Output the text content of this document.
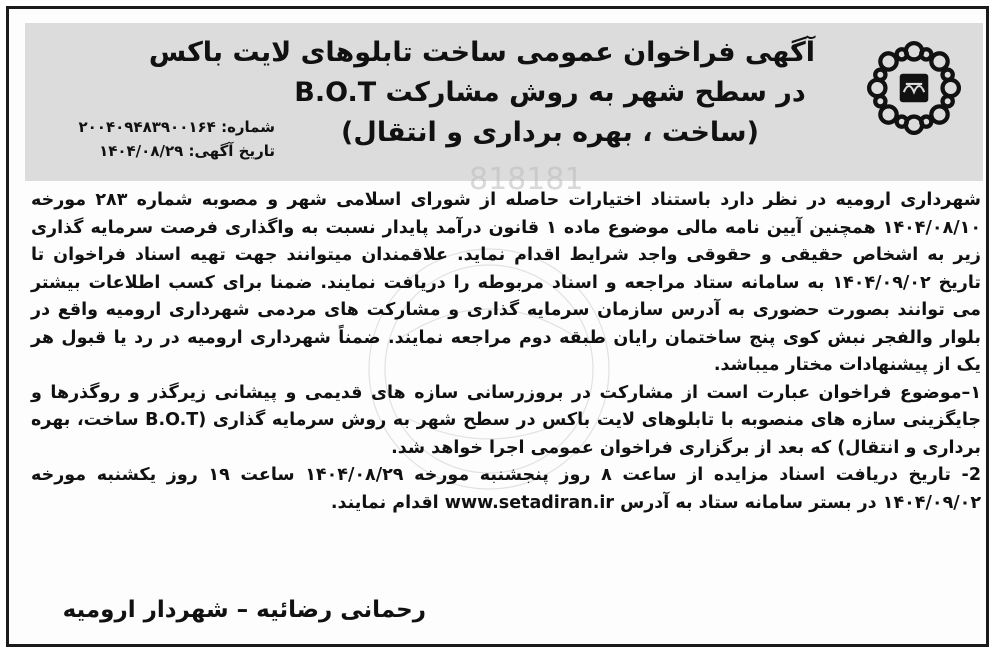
آگهی فراخوان عمومی ساخت تابلوهای لایت باکس
در سطح شهر به روش مشارکت B.O.T
(ساخت ، بهره برداری و انتقال)
شماره: ۲۰۰۴۰۹۴۸۳۹۰۰۱۶۴
تاریخ آگهی: ۱۴۰۴/۰۸/۲۹
818181

شهرداری ارومیه در نظر دارد باستناد اختیارات حاصله از شورای اسلامی شهر و مصوبه شماره ۲۸۳ مورخه ۱۴۰۴/۰۸/۱۰ همچنین آیین نامه مالی موضوع ماده ۱ قانون درآمد پایدار نسبت به واگذاری فرصت سرمایه گذاری زیر به اشخاص حقیقی و حقوقی واجد شرایط اقدام نماید. علاقمندان میتوانند جهت تهیه اسناد فراخوان تا تاریخ ۱۴۰۴/۰۹/۰۲ به سامانه ستاد مراجعه و اسناد مربوطه را دریافت نمایند. ضمنا برای کسب اطلاعات بیشتر می توانند بصورت حضوری به آدرس سازمان سرمایه گذاری و مشارکت های مردمی شهرداری ارومیه واقع در بلوار والفجر نبش کوی پنج ساختمان رایان طبقه دوم مراجعه نمایند. ضمناً شهرداری ارومیه در رد یا قبول هر یک از پیشنهادات مختار میباشد.

۱–موضوع فراخوان عبارت است از مشارکت در بروزرسانی سازه های قدیمی و پیشانی زیرگذر و روگذرها و جایگزینی سازه های منصوبه با تابلوهای لایت باکس در سطح شهر به روش سرمایه گذاری (B.O.T ساخت، بهره برداری و انتقال) که بعد از برگزاری فراخوان عمومی اجرا خواهد شد.

2- تاریخ دریافت اسناد مزایده از ساعت ۸ روز پنجشنبه مورخه ۱۴۰۴/۰۸/۲۹ ساعت ۱۹ روز یکشنبه مورخه ۱۴۰۴/۰۹/۰۲ در بستر سامانه ستاد به آدرس www.setadiran.ir اقدام نمایند.

رحمانی رضائیه – شهردار ارومیه
